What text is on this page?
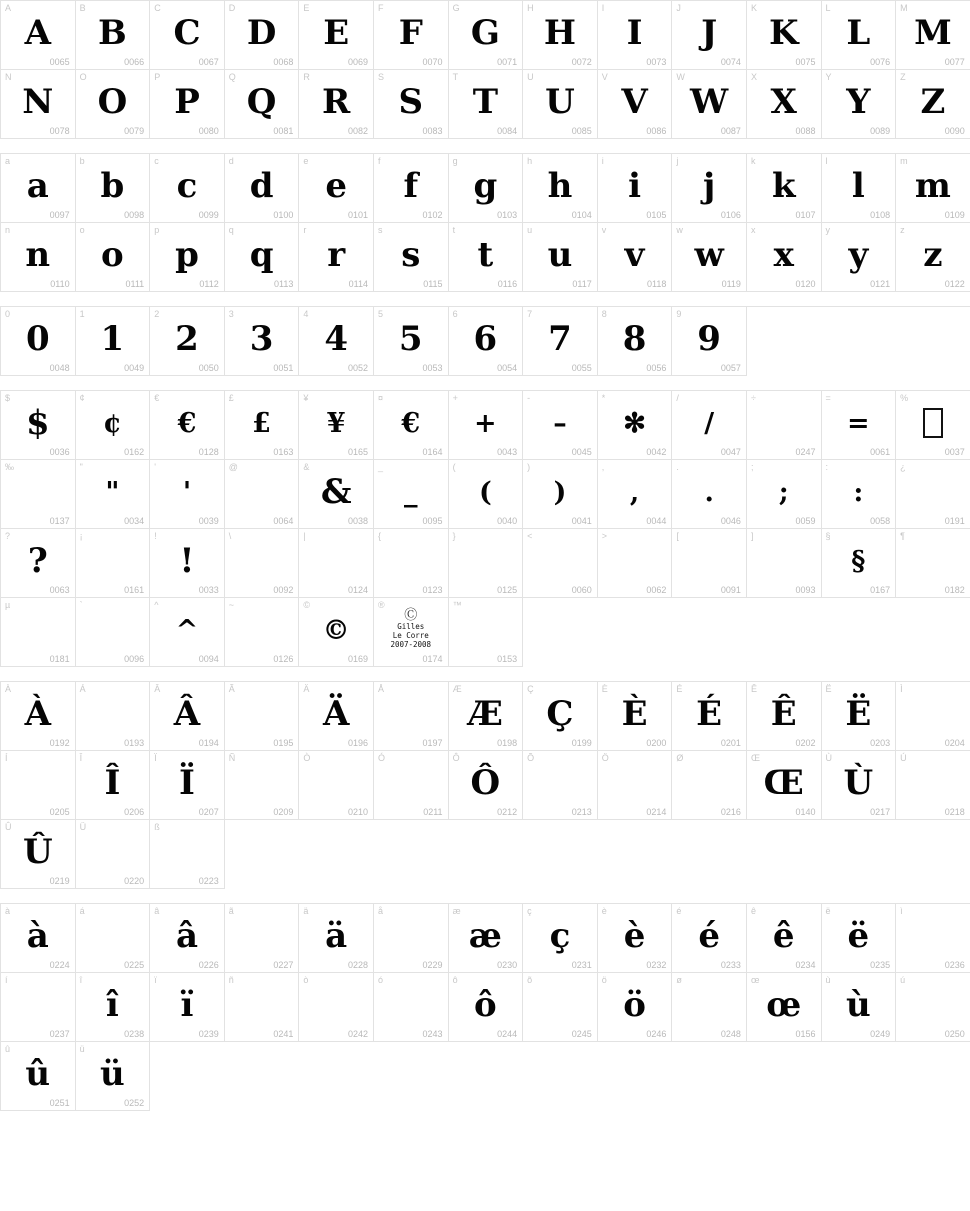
A
A
0065
B
B
0066
C
C
0067
D
D
0068
E
E
0069
F
F
0070
G
G
0071
H
H
0072
I
I
0073
J
J
0074
K
K
0075
L
L
0076
M
M
0077
N
N
0078
O
O
0079
P
P
0080
Q
Q
0081
R
R
0082
S
S
0083
T
T
0084
U
U
0085
V
V
0086
W
W
0087
X
X
0088
Y
Y
0089
Z
Z
0090
a
a
0097
b
b
0098
c
c
0099
d
d
0100
e
e
0101
f
f
0102
g
g
0103
h
h
0104
i
i
0105
j
j
0106
k
k
0107
l
l
0108
m
m
0109
n
n
0110
o
o
0111
p
p
0112
q
q
0113
r
r
0114
s
s
0115
t
t
0116
u
u
0117
v
v
0118
w
w
0119
x
x
0120
y
y
0121
z
z
0122
0
0
0048
1
1
0049
2
2
0050
3
3
0051
4
4
0052
5
5
0053
6
6
0054
7
7
0055
8
8
0056
9
9
0057
$
$
0036
¢
¢
0162
€
€
0128
£
£
0163
¥
¥
0165
¤
€
0164
+
+
0043
-
–
0045
*
✻
0042
/
/
0047
÷
0247
=
=
0061
%
0037
‰
0137
"
"
0034
'
'
0039
@
0064
&
&
0038
_
_
0095
(
(
0040
)
)
0041
,
,
0044
.
.
0046
;
;
0059
:
:
0058
¿
0191
?
?
0063
¡
0161
!
!
0033
\
0092
|
0124
{
0123
}
0125
<
0060
>
0062
[
0091
]
0093
§
§
0167
¶
0182
µ
0181
`
0096
^
^
0094
~
0126
©
©
0169
®
Ⓒ
Gilles
Le Corre
2007-2008
0174
™
0153
À
À
0192
Á
0193
Â
Â
0194
Ã
0195
Ä
Ä
0196
Å
0197
Æ
Æ
0198
Ç
Ç
0199
È
È
0200
É
É
0201
Ê
Ê
0202
Ë
Ë
0203
Ì
0204
Í
0205
Î
Î
0206
Ï
Ï
0207
Ñ
0209
Ò
0210
Ó
0211
Ô
Ô
0212
Õ
0213
Ö
0214
Ø
0216
Œ
Œ
0140
Ù
Ù
0217
Ú
0218
Û
Û
0219
Ü
0220
ß
0223
à
à
0224
á
0225
â
â
0226
ã
0227
ä
ä
0228
å
0229
æ
æ
0230
ç
ç
0231
è
è
0232
é
é
0233
ê
ê
0234
ë
ë
0235
ì
0236
í
0237
î
î
0238
ï
ï
0239
ñ
0241
ò
0242
ó
0243
ô
ô
0244
õ
0245
ö
ö
0246
ø
0248
œ
œ
0156
ù
ù
0249
ú
0250
û
û
0251
ü
ü
0252
